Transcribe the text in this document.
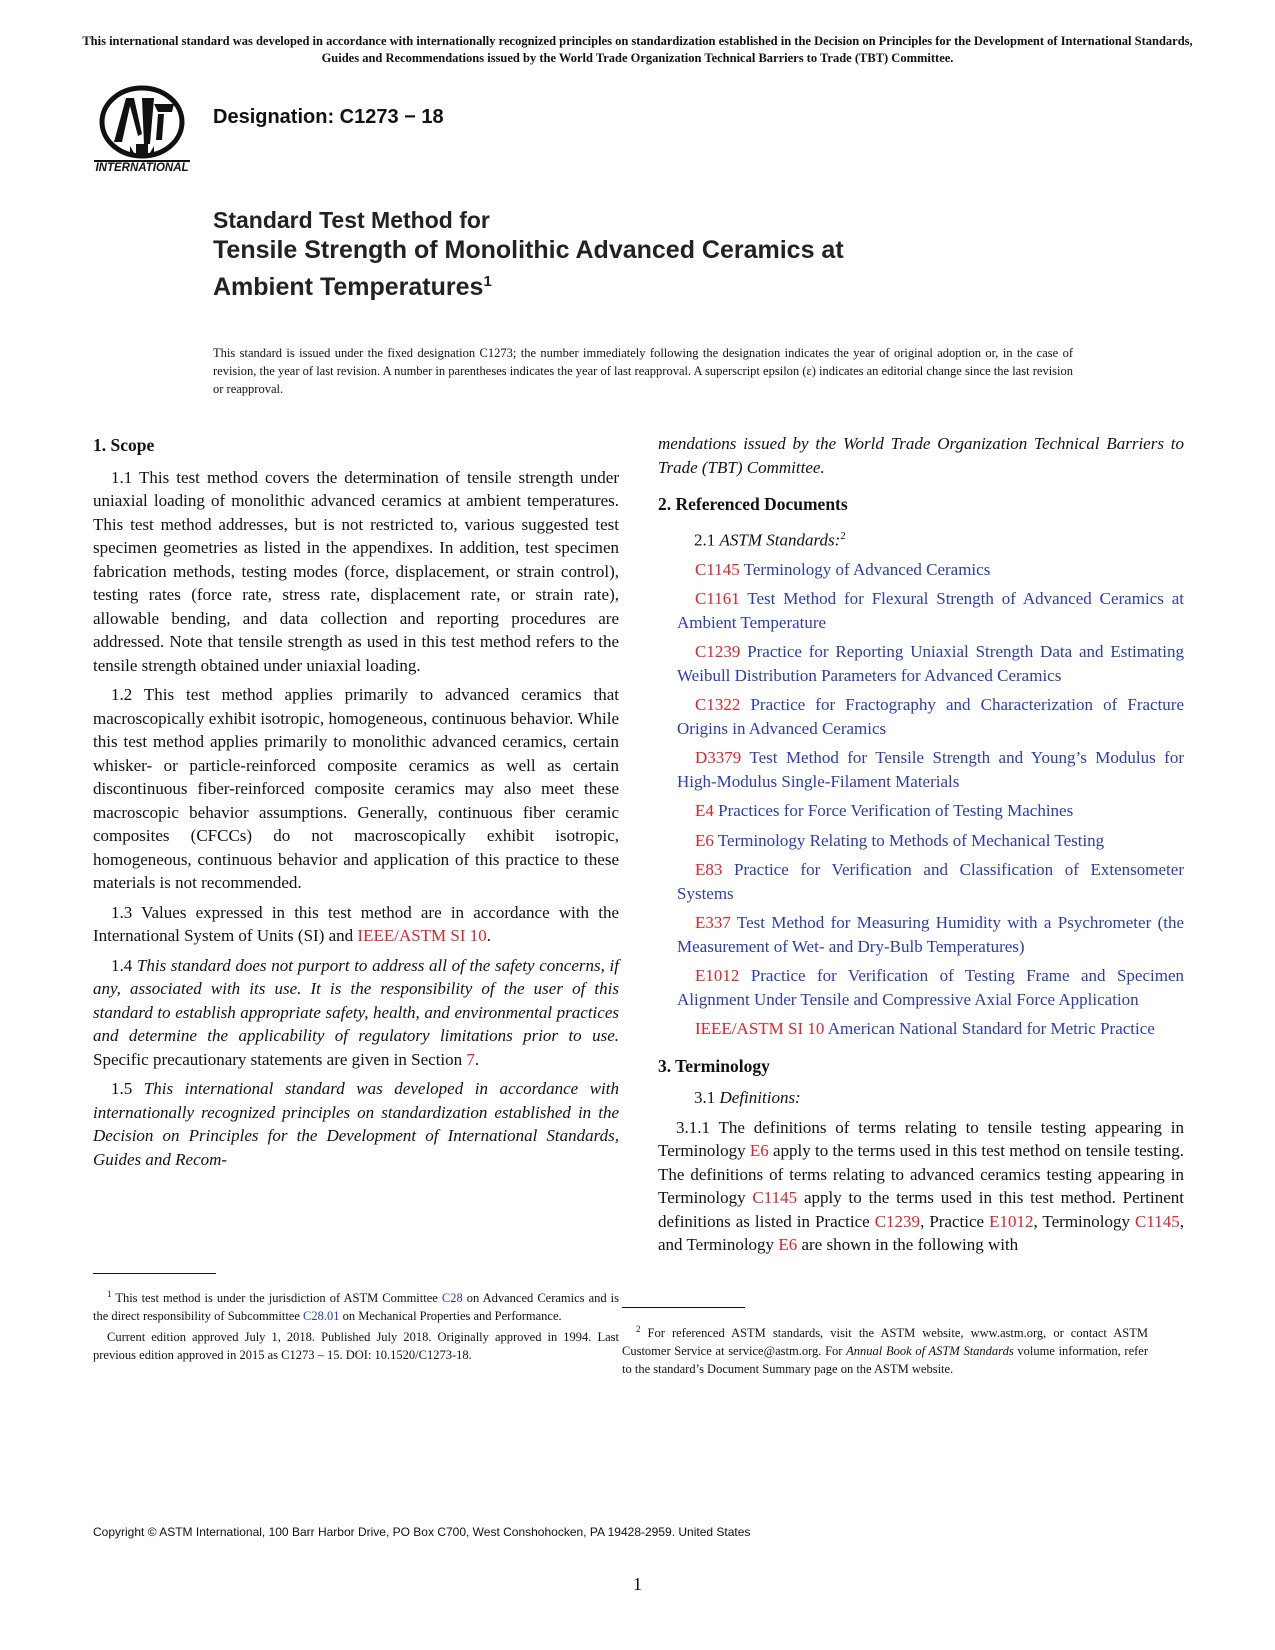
This international standard was developed in accordance with internationally recognized principles on standardization established in the Decision on Principles for the Development of International Standards, Guides and Recommendations issued by the World Trade Organization Technical Barriers to Trade (TBT) Committee.
INTERNATIONAL
Designation: C1273 − 18
Standard Test Method for
Tensile Strength of Monolithic Advanced Ceramics at
Ambient Temperatures$^1$
This standard is issued under the fixed designation C1273; the number immediately following the designation indicates the year of original adoption or, in the case of revision, the year of last revision. A number in parentheses indicates the year of last reapproval. A superscript epsilon (ε) indicates an editorial change since the last revision or reapproval.
1. Scope

1.1 This test method covers the determination of tensile strength under uniaxial loading of monolithic advanced ceramics at ambient temperatures. This test method addresses, but is not restricted to, various suggested test specimen geometries as listed in the appendixes. In addition, test specimen fabrication methods, testing modes (force, displacement, or strain control), testing rates (force rate, stress rate, displacement rate, or strain rate), allowable bending, and data collection and reporting procedures are addressed. Note that tensile strength as used in this test method refers to the tensile strength obtained under uniaxial loading.

1.2 This test method applies primarily to advanced ceramics that macroscopically exhibit isotropic, homogeneous, continuous behavior. While this test method applies primarily to monolithic advanced ceramics, certain whisker- or particle-reinforced composite ceramics as well as certain discontinuous fiber-reinforced composite ceramics may also meet these macroscopic behavior assumptions. Generally, continuous fiber ceramic composites (CFCCs) do not macroscopically exhibit isotropic, homogeneous, continuous behavior and application of this practice to these materials is not recommended.

1.3 Values expressed in this test method are in accordance with the International System of Units (SI) and IEEE/ASTM SI 10.

1.4 This standard does not purport to address all of the safety concerns, if any, associated with its use. It is the responsibility of the user of this standard to establish appropriate safety, health, and environmental practices and determine the applicability of regulatory limitations prior to use. Specific precautionary statements are given in Section 7.

1.5 This international standard was developed in accordance with internationally recognized principles on standardization established in the Decision on Principles for the Development of International Standards, Guides and Recom-

mendations issued by the World Trade Organization Technical Barriers to Trade (TBT) Committee.

2. Referenced Documents

2.1 ASTM Standards:$^2$

C1145 Terminology of Advanced Ceramics

C1161 Test Method for Flexural Strength of Advanced Ceramics at Ambient Temperature

C1239 Practice for Reporting Uniaxial Strength Data and Estimating Weibull Distribution Parameters for Advanced Ceramics

C1322 Practice for Fractography and Characterization of Fracture Origins in Advanced Ceramics

D3379 Test Method for Tensile Strength and Young’s Modulus for High-Modulus Single-Filament Materials

E4 Practices for Force Verification of Testing Machines

E6 Terminology Relating to Methods of Mechanical Testing

E83 Practice for Verification and Classification of Extensometer Systems

E337 Test Method for Measuring Humidity with a Psychrometer (the Measurement of Wet- and Dry-Bulb Temperatures)

E1012 Practice for Verification of Testing Frame and Specimen Alignment Under Tensile and Compressive Axial Force Application

IEEE/ASTM SI 10 American National Standard for Metric Practice

3. Terminology

3.1 Definitions:

3.1.1 The definitions of terms relating to tensile testing appearing in Terminology E6 apply to the terms used in this test method on tensile testing. The definitions of terms relating to advanced ceramics testing appearing in Terminology C1145 apply to the terms used in this test method. Pertinent definitions as listed in Practice C1239, Practice E1012, Terminology C1145, and Terminology E6 are shown in the following with

$^1$ This test method is under the jurisdiction of ASTM Committee C28 on Advanced Ceramics and is the direct responsibility of Subcommittee C28.01 on Mechanical Properties and Performance.

Current edition approved July 1, 2018. Published July 2018. Originally approved in 1994. Last previous edition approved in 2015 as C1273 – 15. DOI: 10.1520/C1273-18.

$^2$ For referenced ASTM standards, visit the ASTM website, www.astm.org, or contact ASTM Customer Service at service@astm.org. For Annual Book of ASTM Standards volume information, refer to the standard’s Document Summary page on the ASTM website.

Copyright © ASTM International, 100 Barr Harbor Drive, PO Box C700, West Conshohocken, PA 19428-2959. United States
1
